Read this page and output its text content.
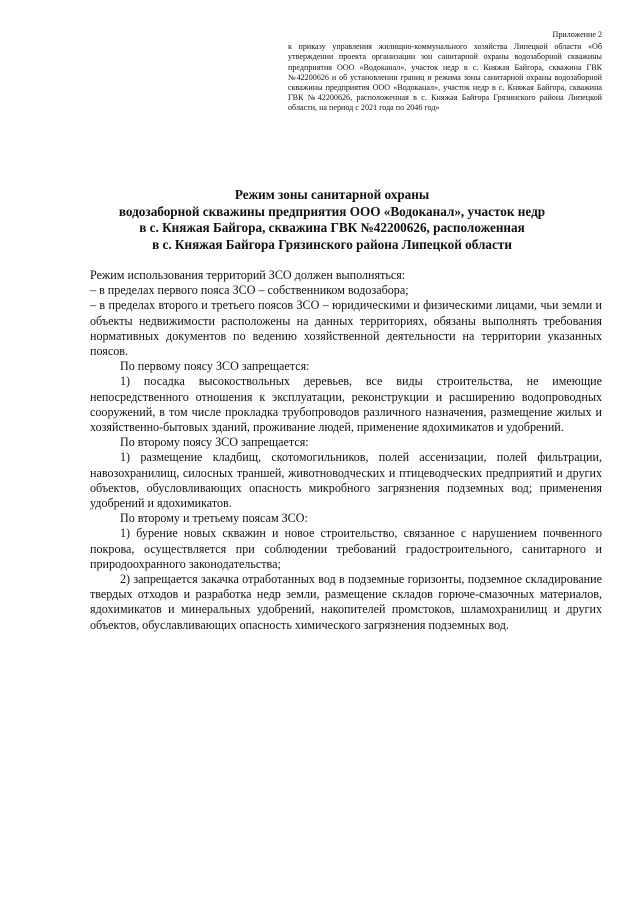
Приложение 2
к приказу управления жилищно-коммунального хозяйства Липецкой области «Об утверждении проекта организации зон санитарной охраны водозаборной скважины предприятия ООО «Водоканал», участок недр в с. Княжая Байгора, скважина ГВК №42200626 и об установлении границ и режима зоны санитарной охраны водозаборной скважины предприятия ООО «Водоканал», участок недр в с. Княжая Байгора, скважина ГВК №42200626, расположенная в с. Княжая Байгора Грязинского района Липецкой области, на период с 2021 года по 2046 год»
Режим зоны санитарной охраны
водозаборной скважины предприятия ООО «Водоканал», участок недр
в с. Княжая Байгора, скважина ГВК №42200626, расположенная
в с. Княжая Байгора Грязинского района Липецкой области

Режим использования территорий ЗСО должен выполняться:

– в пределах первого пояса ЗСО – собственником водозабора;

– в пределах второго и третьего поясов ЗСО – юридическими и физическими лицами, чьи земли и объекты недвижимости расположены на данных территориях, обязаны выполнять требования нормативных документов по ведению хозяйственной деятельности на территории указанных поясов.

По первому поясу ЗСО запрещается:

1) посадка высокоствольных деревьев, все виды строительства, не имеющие непосредственного отношения к эксплуатации, реконструкции и расширению водопроводных сооружений, в том числе прокладка трубопроводов различного назначения, размещение жилых и хозяйственно-бытовых зданий, проживание людей, применение ядохимикатов и удобрений.

По второму поясу ЗСО запрещается:

1) размещение кладбищ, скотомогильников, полей ассенизации, полей фильтрации, навозохранилищ, силосных траншей, животноводческих и птицеводческих предприятий и других объектов, обусловливающих опасность микробного загрязнения подземных вод; применения удобрений и ядохимикатов.

По второму и третьему поясам ЗСО:

1) бурение новых скважин и новое строительство, связанное с нарушением почвенного покрова, осуществляется при соблюдении требований градостроительного, санитарного и природоохранного законодательства;

2) запрещается закачка отработанных вод в подземные горизонты, подземное складирование твердых отходов и разработка недр земли, размещение складов горюче-смазочных материалов, ядохимикатов и минеральных удобрений, накопителей промстоков, шламохранилищ и других объектов, обуславливающих опасность химического загрязнения подземных вод.
